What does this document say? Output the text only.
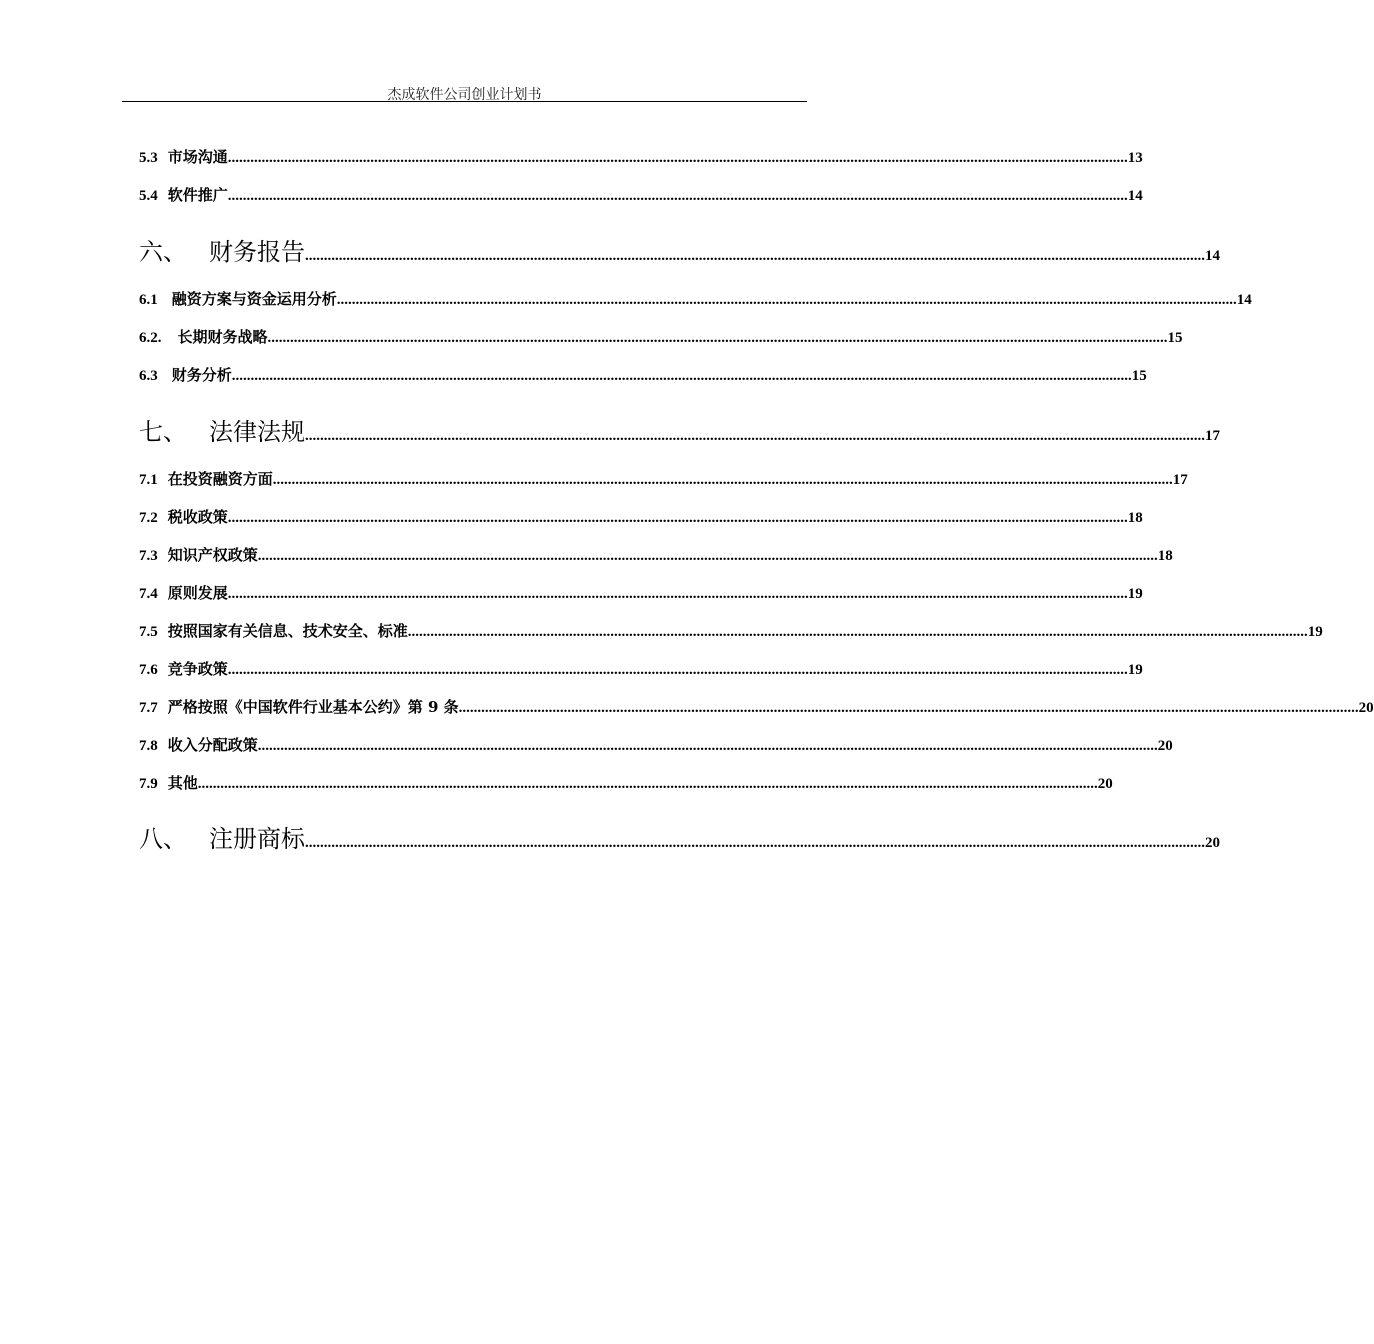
杰成软件公司创业计划书
5.3 市场沟通 ................................................................................................................................................................................................................................................ 13
5.4 软件推广 ................................................................................................................................................................................................................................................ 14
六、 财务报告 ................................................................................................................................................................................................................................................ 14
6.1 融资方案与资金运用分析 ................................................................................................................................................................................................................................................ 14
6.2. 长期财务战略 ................................................................................................................................................................................................................................................ 15
6.3 财务分析 ................................................................................................................................................................................................................................................ 15
七、 法律法规 ................................................................................................................................................................................................................................................ 17
7.1 在投资融资方面 ................................................................................................................................................................................................................................................ 17
7.2 税收政策 ................................................................................................................................................................................................................................................ 18
7.3 知识产权政策 ................................................................................................................................................................................................................................................ 18
7.4 原则发展 ................................................................................................................................................................................................................................................ 19
7.5 按照国家有关信息、技术安全、标准 ................................................................................................................................................................................................................................................ 19
7.6 竞争政策 ................................................................................................................................................................................................................................................ 19
7.7 严格按照《中国软件行业基本公约》第 9 条 ................................................................................................................................................................................................................................................ 20
7.8 收入分配政策 ................................................................................................................................................................................................................................................ 20
7.9 其他 ................................................................................................................................................................................................................................................ 20
八、 注册商标 ................................................................................................................................................................................................................................................ 20
